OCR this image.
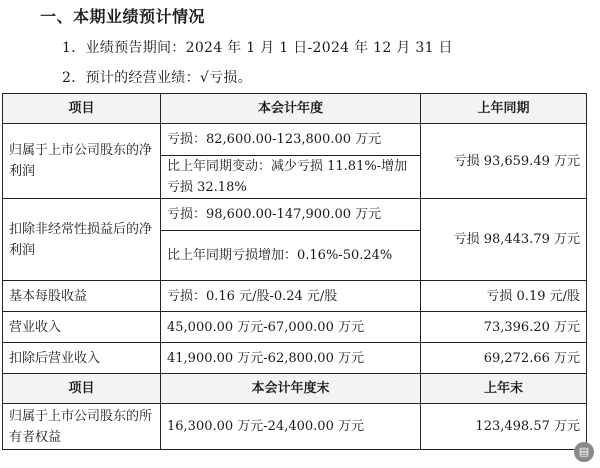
一、本期业绩预计情况
1．业绩预告期间：2024 年 1 月 1 日-2024 年 12 月 31 日
2．预计的经营业绩：√亏损。
项目	本会计年度	上年同期
归属于上市公司股东的净利润	亏损：82,600.00-123,800.00 万元	亏损 93,659.49 万元
	比上年同期变动：减少亏损 11.81%-增加亏损 32.18%	
扣除非经常性损益后的净利润	亏损：98,600.00-147,900.00 万元	亏损 98,443.79 万元
	比上年同期亏损增加：0.16%-50.24%	
基本每股收益	亏损：0.16 元/股-0.24 元/股	亏损 0.19 元/股
营业收入	45,000.00 万元-67,000.00 万元	73,396.20 万元
扣除后营业收入	41,900.00 万元-62,800.00 万元	69,272.66 万元
项目	本会计年度末	上年末
归属于上市公司股东的所有者权益	16,300.00 万元-24,400.00 万元	123,498.57 万元
▤
